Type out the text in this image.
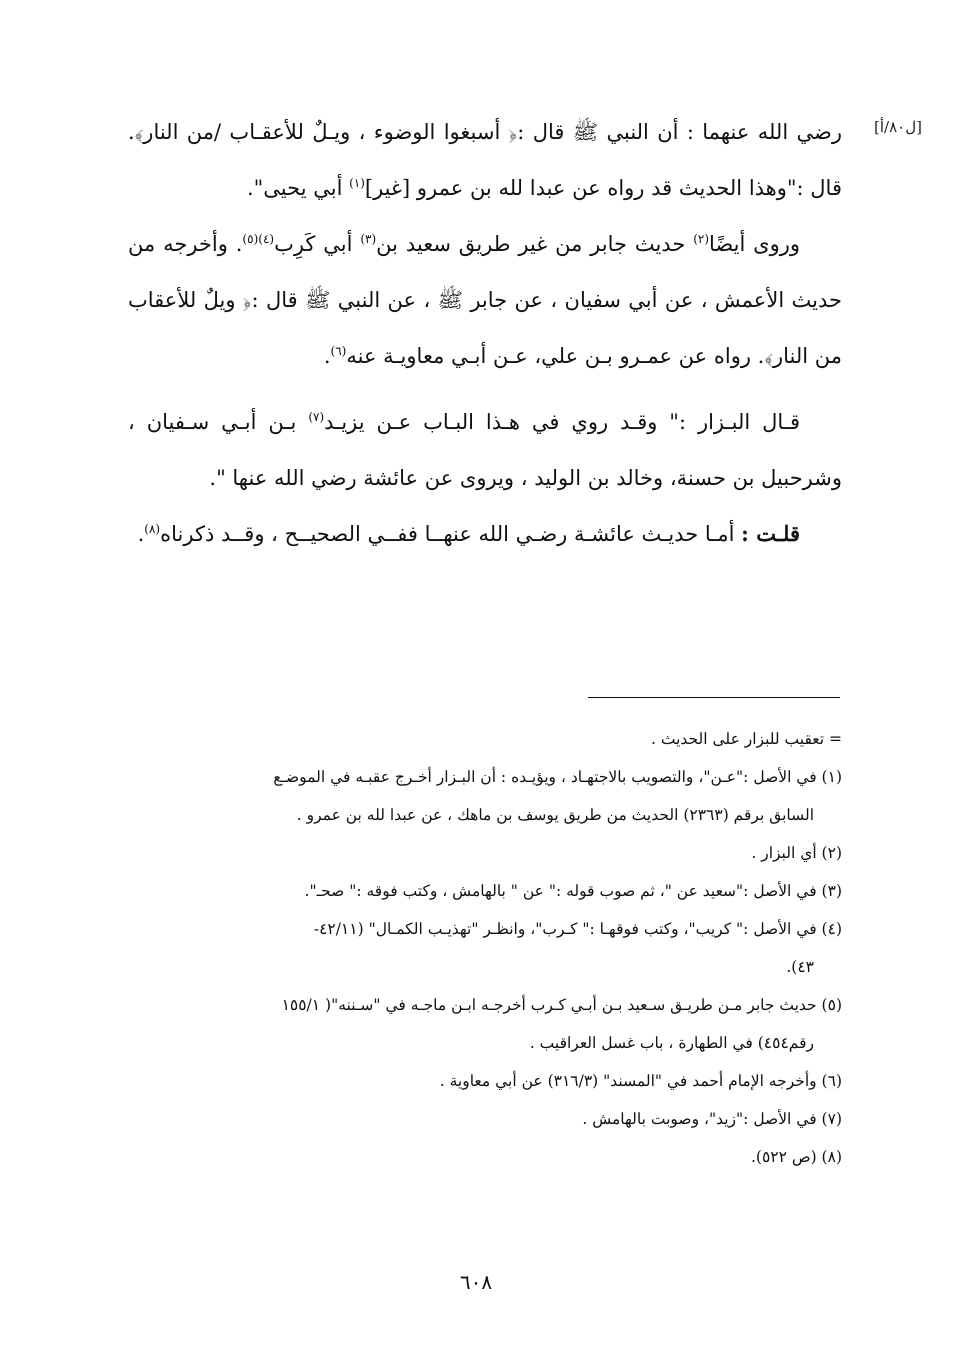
[ل٨٠/أ]

رضي الله عنهما : أن النبي ﷺ قال :﴿ أسبغوا الوضوء ، ويـلٌ للأعقـاب /من النار﴾. قال :"وهذا الحديث قد رواه عن عبدا لله بن عمرو [غير]$^{(١)}$ أبي يحيى".

  وروى أيضًا$^{(٢)}$ حديث جابر من غير طريق سعيد بن$^{(٣)}$ أبي كَرِب$^{(٤)(٥)}$. وأخرجه من حديث الأعمش ، عن أبي سفيان ، عن جابر ﷺ ، عن النبي ﷺ قال :﴿ ويلٌ للأعقاب من النار﴾. رواه عن عمـرو بـن علي، عـن أبـي معاويـة عنه$^{(٦)}$.

  قـال البـزار :" وقـد روي في هـذا البـاب عـن يزيـد$^{(٧)}$ بـن أبـي سـفيان ، وشرحبيل بن حسنة، وخالد بن الوليد ، ويروى عن عائشة رضي الله عنها ".

  قلـت : أمـا حديـث عائشـة رضـي الله عنهــا ففــي الصحيــح ، وقــد ذكرناه$^{(٨)}$.

= تعقيب للبزار على الحديث .

(١) في الأصل :"عـن"، والتصويب بالاجتهـاد ، ويؤيـده : أن البـزار أخـرج عقبـه في الموضـع

السابق برقم (٢٣٦٣) الحديث من طريق يوسف بن ماهك ، عن عبدا لله بن عمرو .

(٢) أي البزار .

(٣) في الأصل :"سعيد عن "، ثم صوب قوله :" عن " بالهامش ، وكتب فوقه :" صحـ".

(٤) في الأصل :" كريب"، وكتب فوقهـا :" كـرب"، وانظـر "تهذيـب الكمـال" (٤٢/١١-

٤٣).

(٥) حديث جابر مـن طريـق سـعيد بـن أبـي كـرب أخرجـه ابـن ماجـه في "سـننه"( ١٥٥/١

رقم٤٥٤) في الطهارة ، باب غسل العراقيب .

(٦) وأخرجه الإمام أحمد في "المسند" (٣١٦/٣) عن أبي معاوية .

(٧) في الأصل :"زيد"، وصوبت بالهامش .

(٨) (ص ٥٢٢).

٦٠٨
